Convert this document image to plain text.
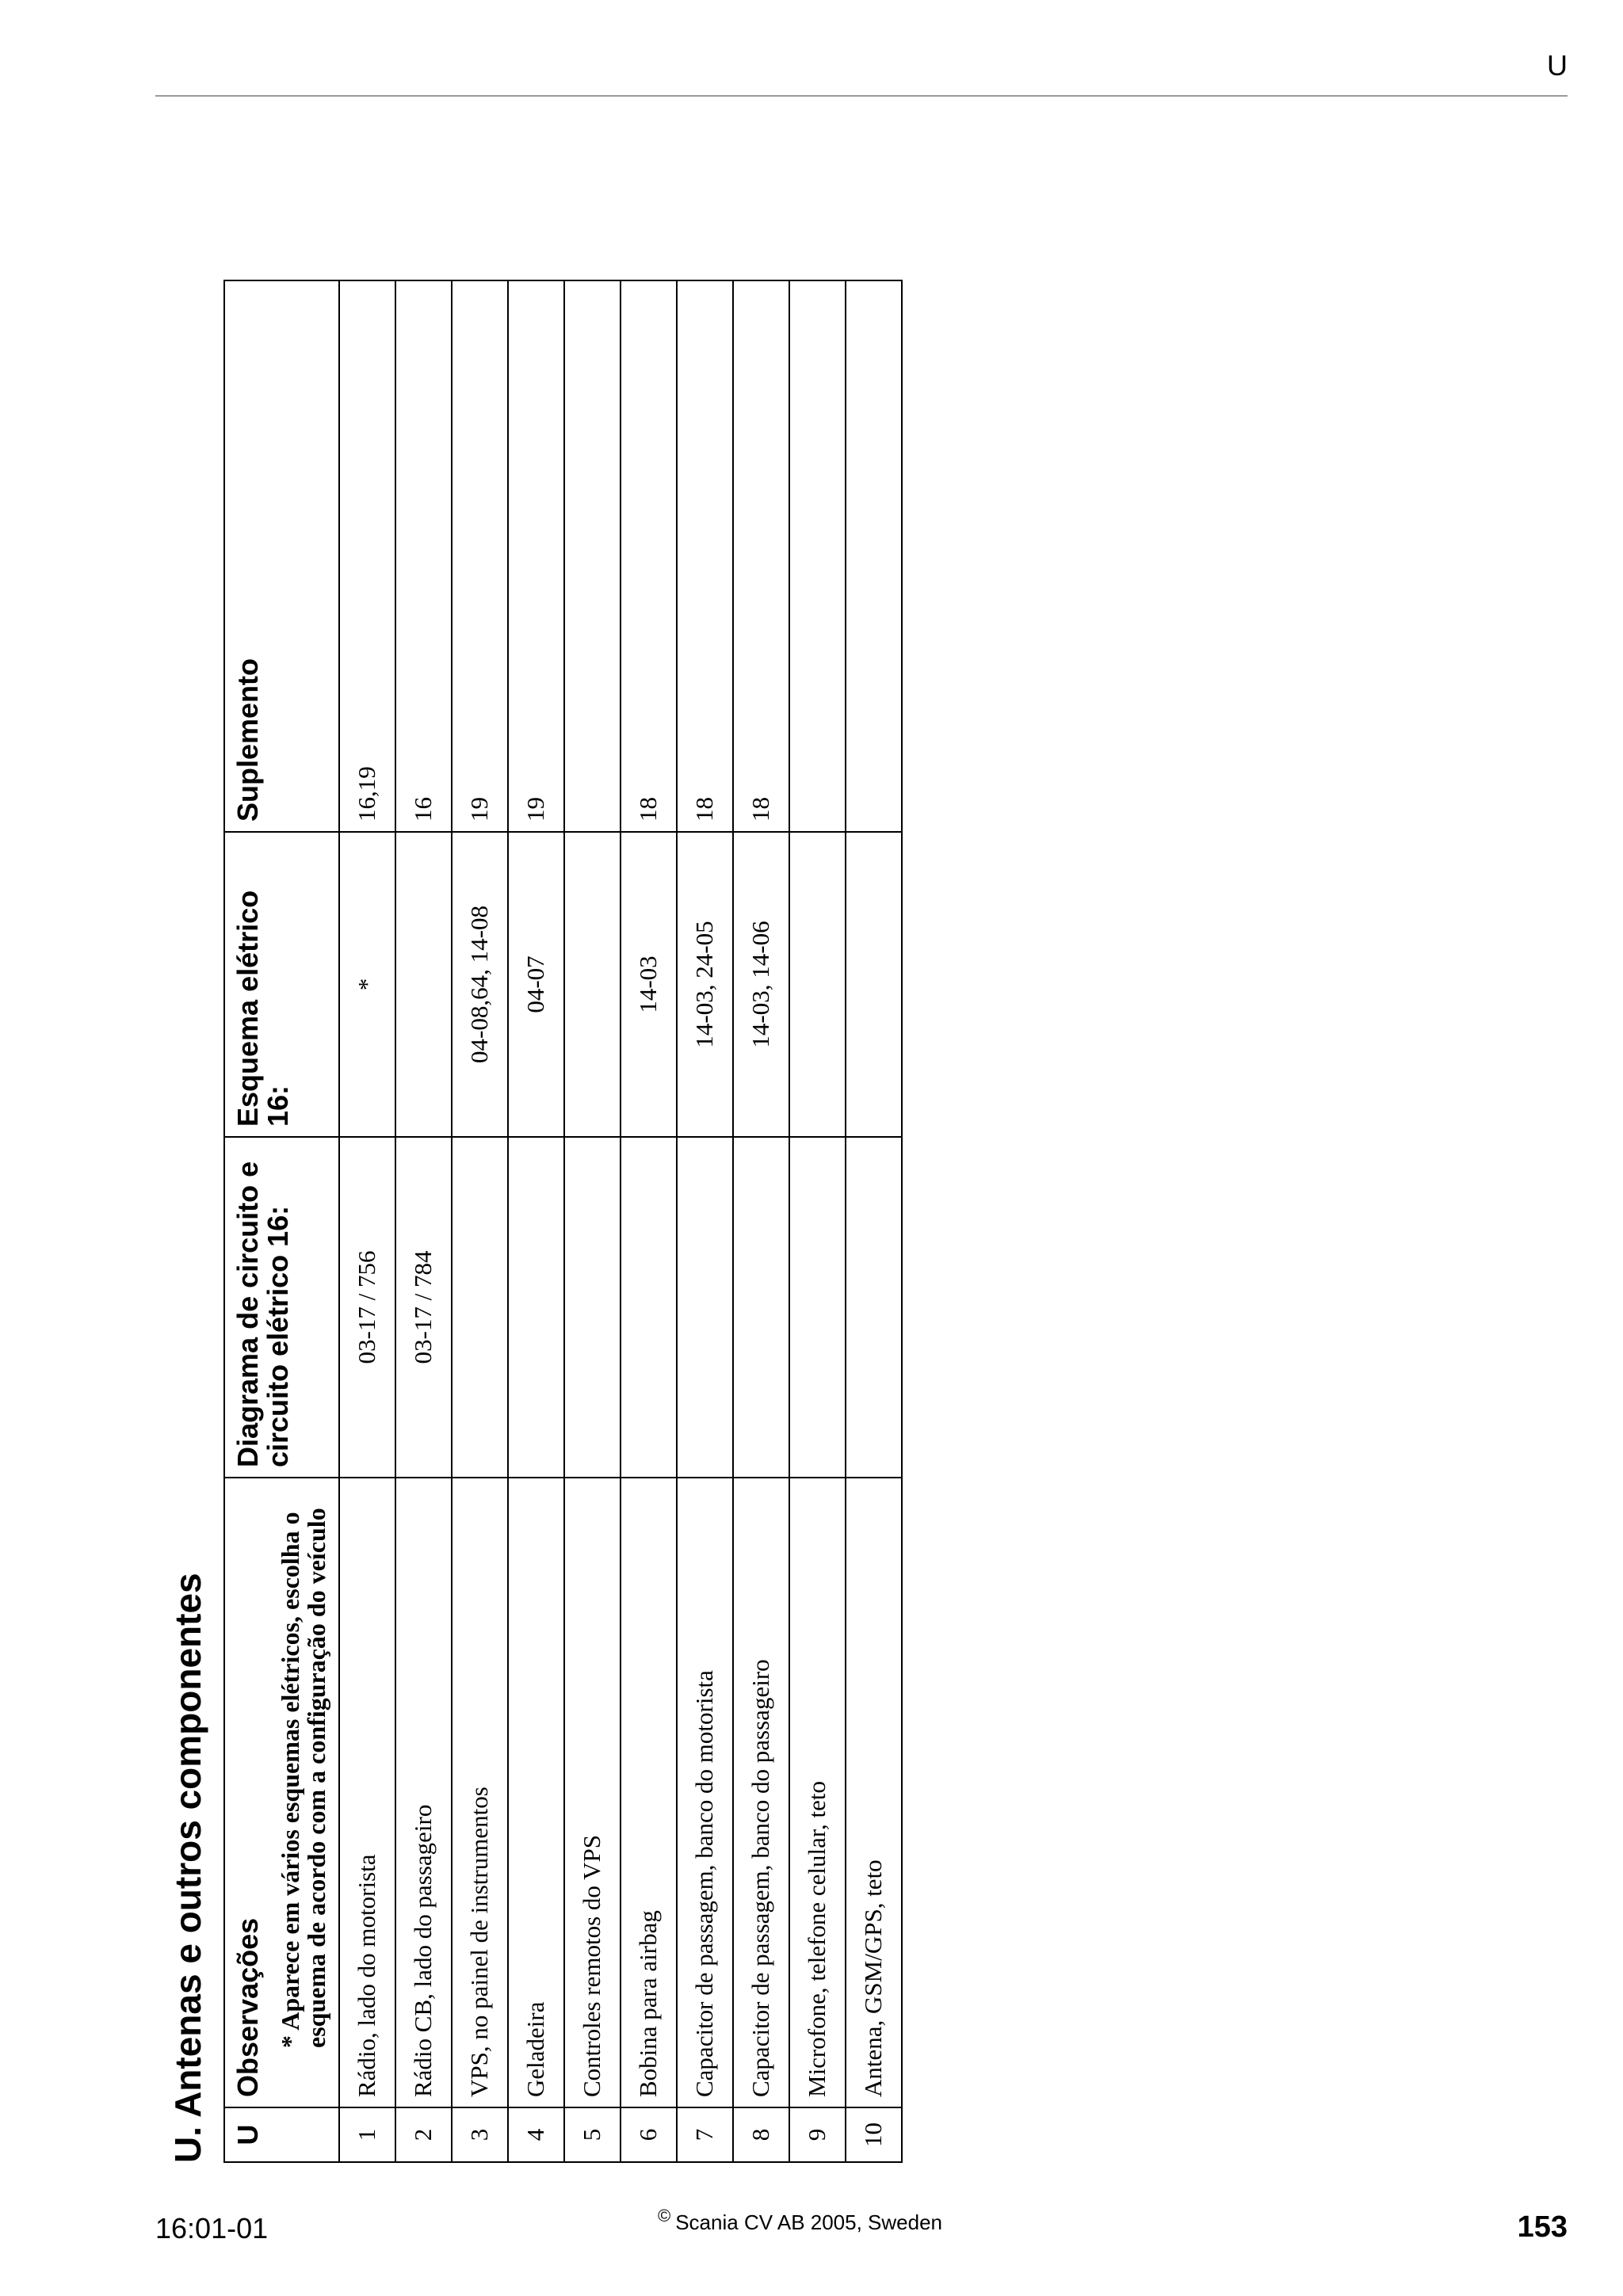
U
U. Antenas e outros componentes U	Observações * Aparece em vários esquemas elétricos, escolha o esquema de acordo com a configuração do veículo	Diagrama de circuito e circuito elétrico 16:	Esquema elétrico 16:	Suplemento
1	Rádio, lado do motorista	03-17 / 756	*	16,19
2	Rádio CB, lado do passageiro	03-17 / 784		16
3	VPS, no painel de instrumentos		04-08,64, 14-08	19
4	Geladeira		04-07	19
5	Controles remotos do VPS			
6	Bobina para airbag		14-03	18
7	Capacitor de passagem, banco do motorista		14-03, 24-05	18
8	Capacitor de passagem, banco do passageiro		14-03, 14-06	18
9	Microfone, telefone celular, teto			
10	Antena, GSM/GPS, teto			
16:01-01	© Scania CV AB 2005, Sweden	153
